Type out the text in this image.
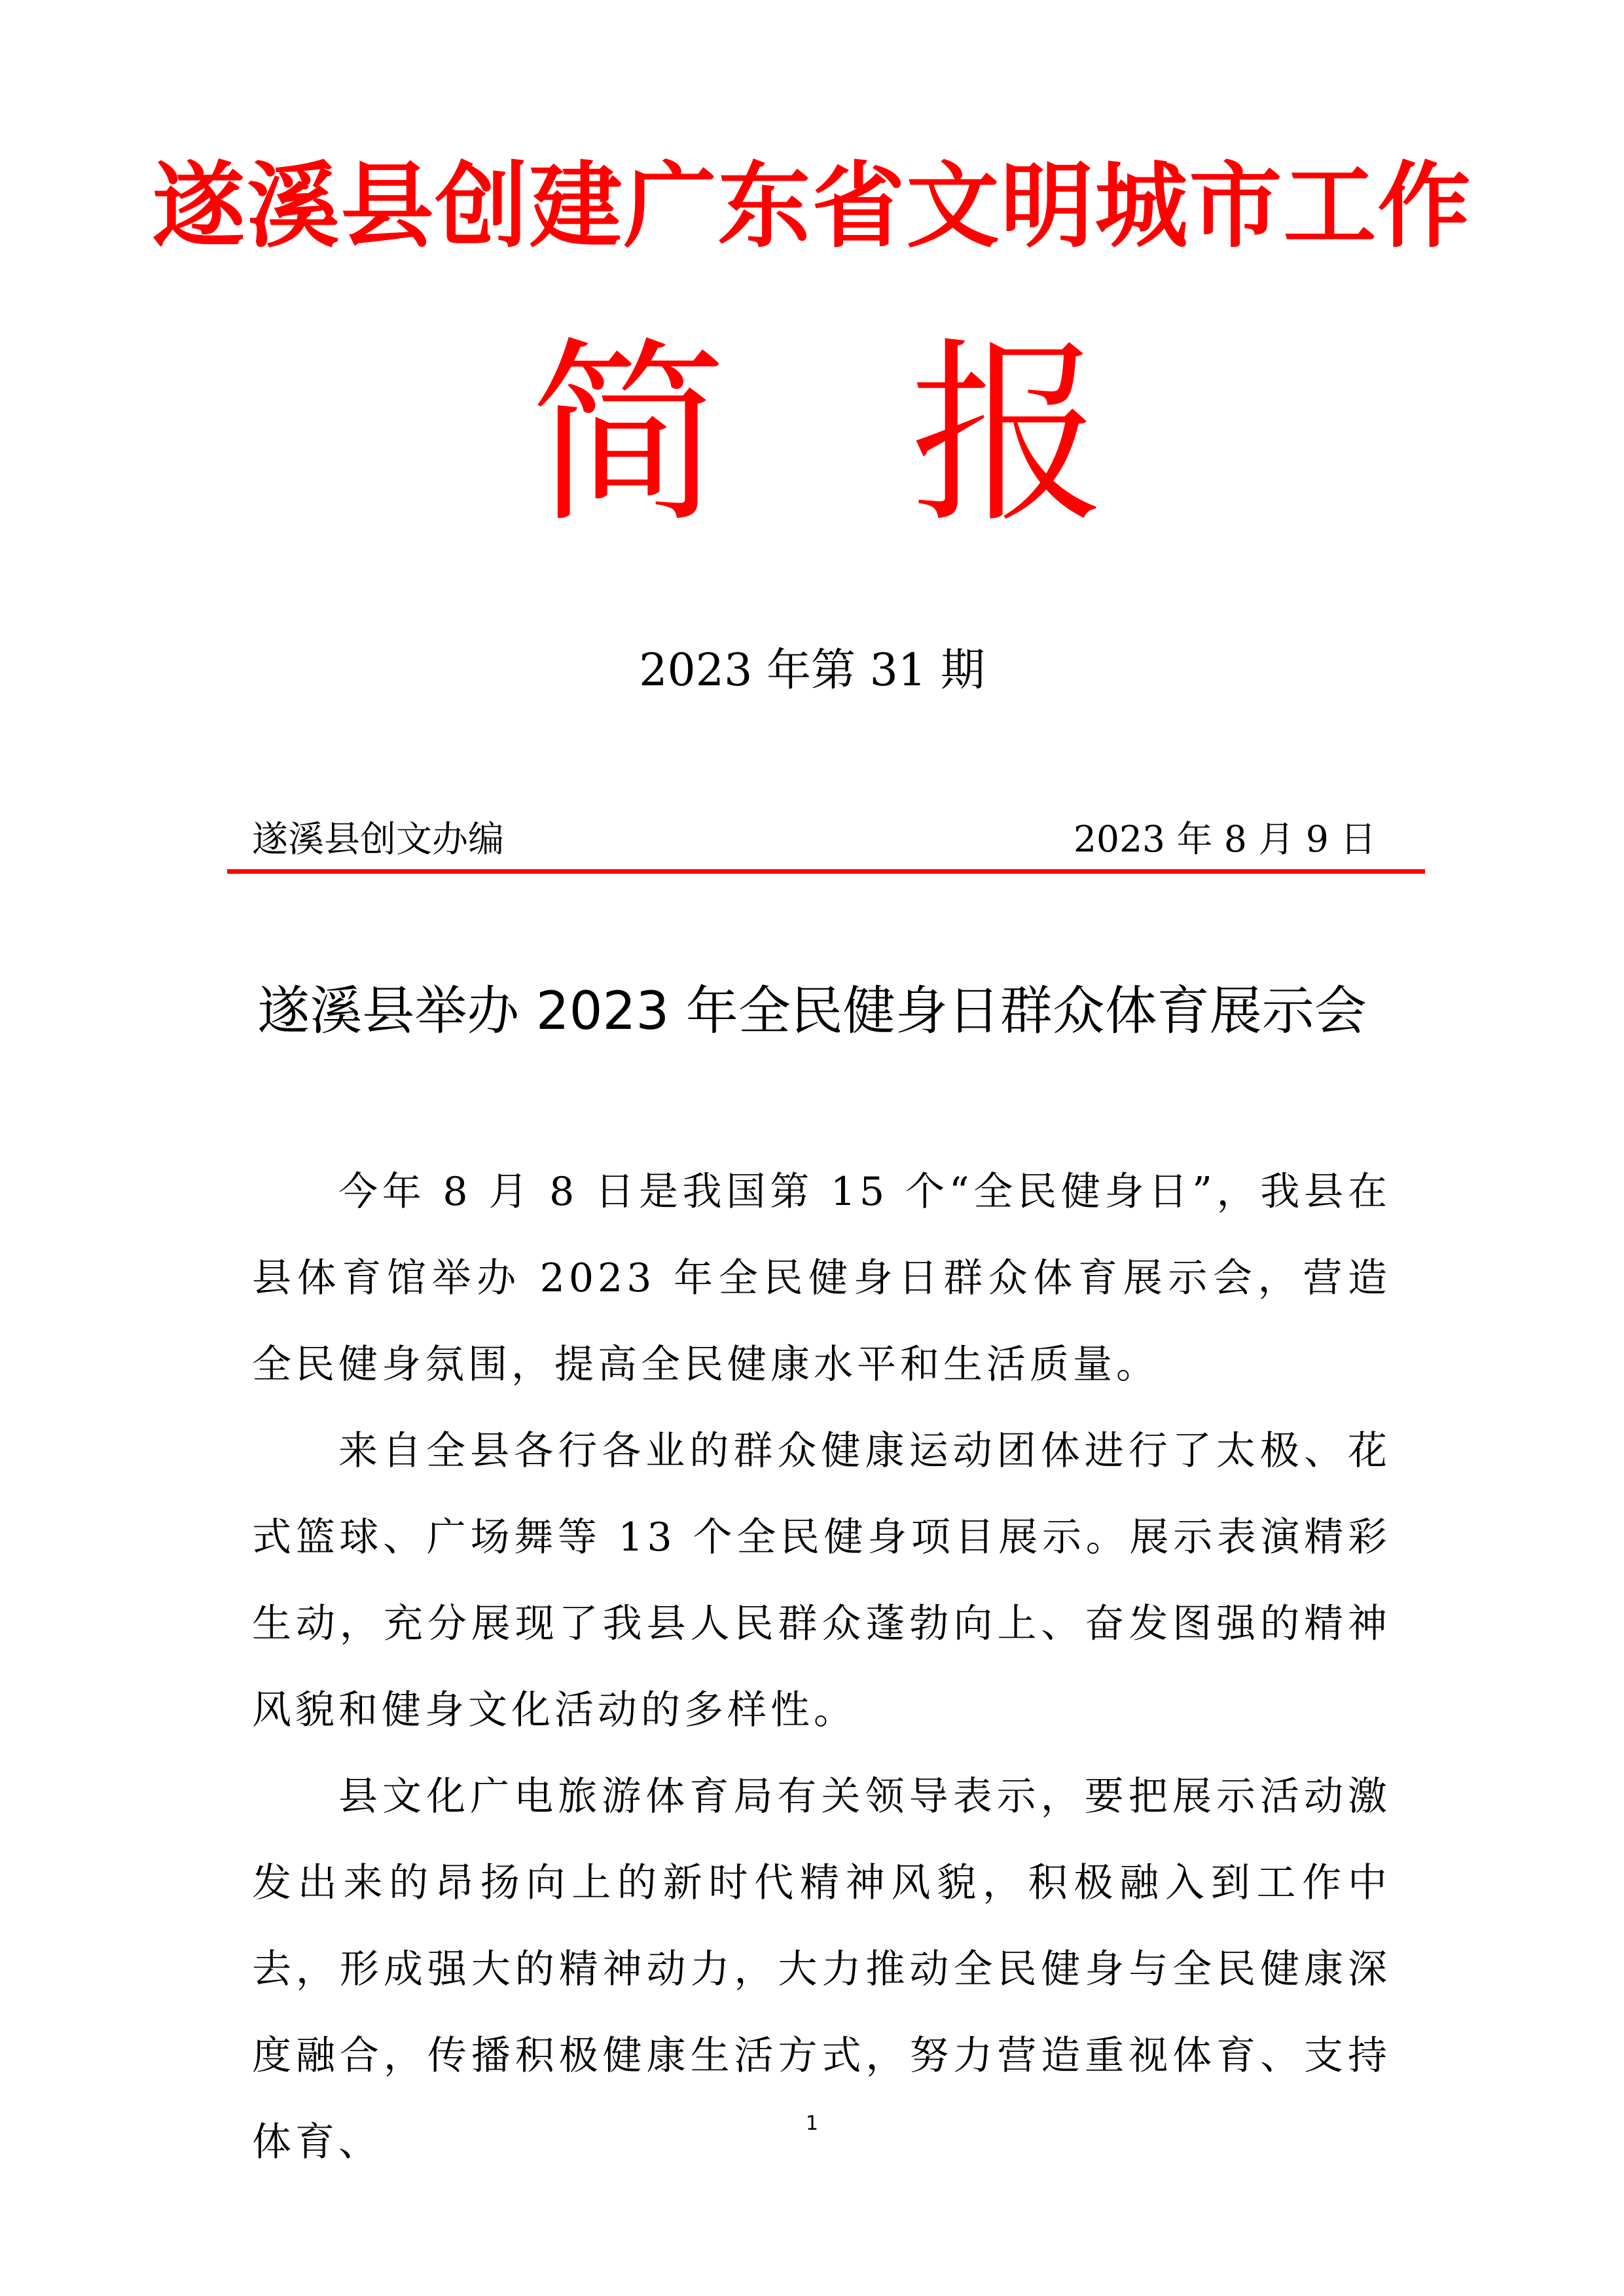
遂溪县创建广东省文明城市工作
简 报
2023 年第 31 期
遂溪县创文办编	2023 年 8 月 9 日
遂溪县举办 2023 年全民健身日群众体育展示会

今年 8 月 8 日是我国第 15 个“全民健身日”，我县在县体育馆举办 2023 年全民健身日群众体育展示会，营造全民健身氛围，提高全民健康水平和生活质量。

来自全县各行各业的群众健康运动团体进行了太极、花式篮球、广场舞等 13 个全民健身项目展示。展示表演精彩生动，充分展现了我县人民群众蓬勃向上、奋发图强的精神风貌和健身文化活动的多样性。

县文化广电旅游体育局有关领导表示，要把展示活动激发出来的昂扬向上的新时代精神风貌，积极融入到工作中去，形成强大的精神动力，大力推动全民健身与全民健康深度融合，传播积极健康生活方式，努力营造重视体育、支持体育、	1
